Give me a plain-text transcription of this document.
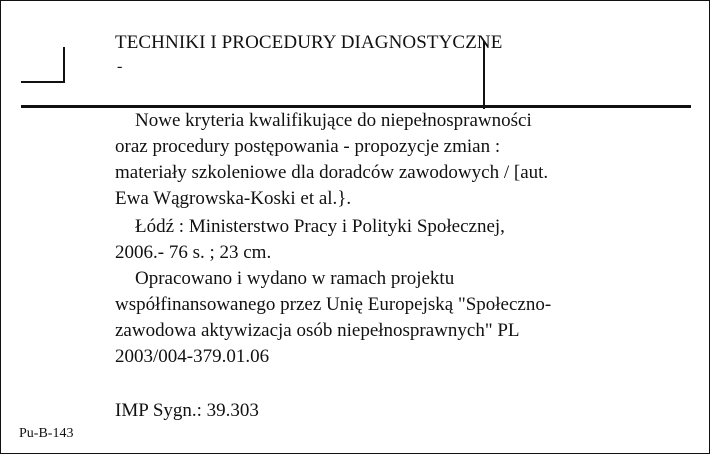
TECHNIKI I PROCEDURY DIAGNOSTYCZNE
-
Nowe kryteria kwalifikujące do niepełnosprawności
oraz procedury postępowania - propozycje zmian :
materiały szkoleniowe dla doradców zawodowych / [aut.
Ewa Wągrowska-Koski et al.}.
Łódź : Ministerstwo Pracy i Polityki Społecznej,
2006.- 76 s. ; 23 cm.
Opracowano i wydano w ramach projektu
współfinansowanego przez Unię Europejską "Społeczno-
zawodowa aktywizacja osób niepełnosprawnych" PL
2003/004-379.01.06
IMP Sygn.: 39.303
Pu-B-143
